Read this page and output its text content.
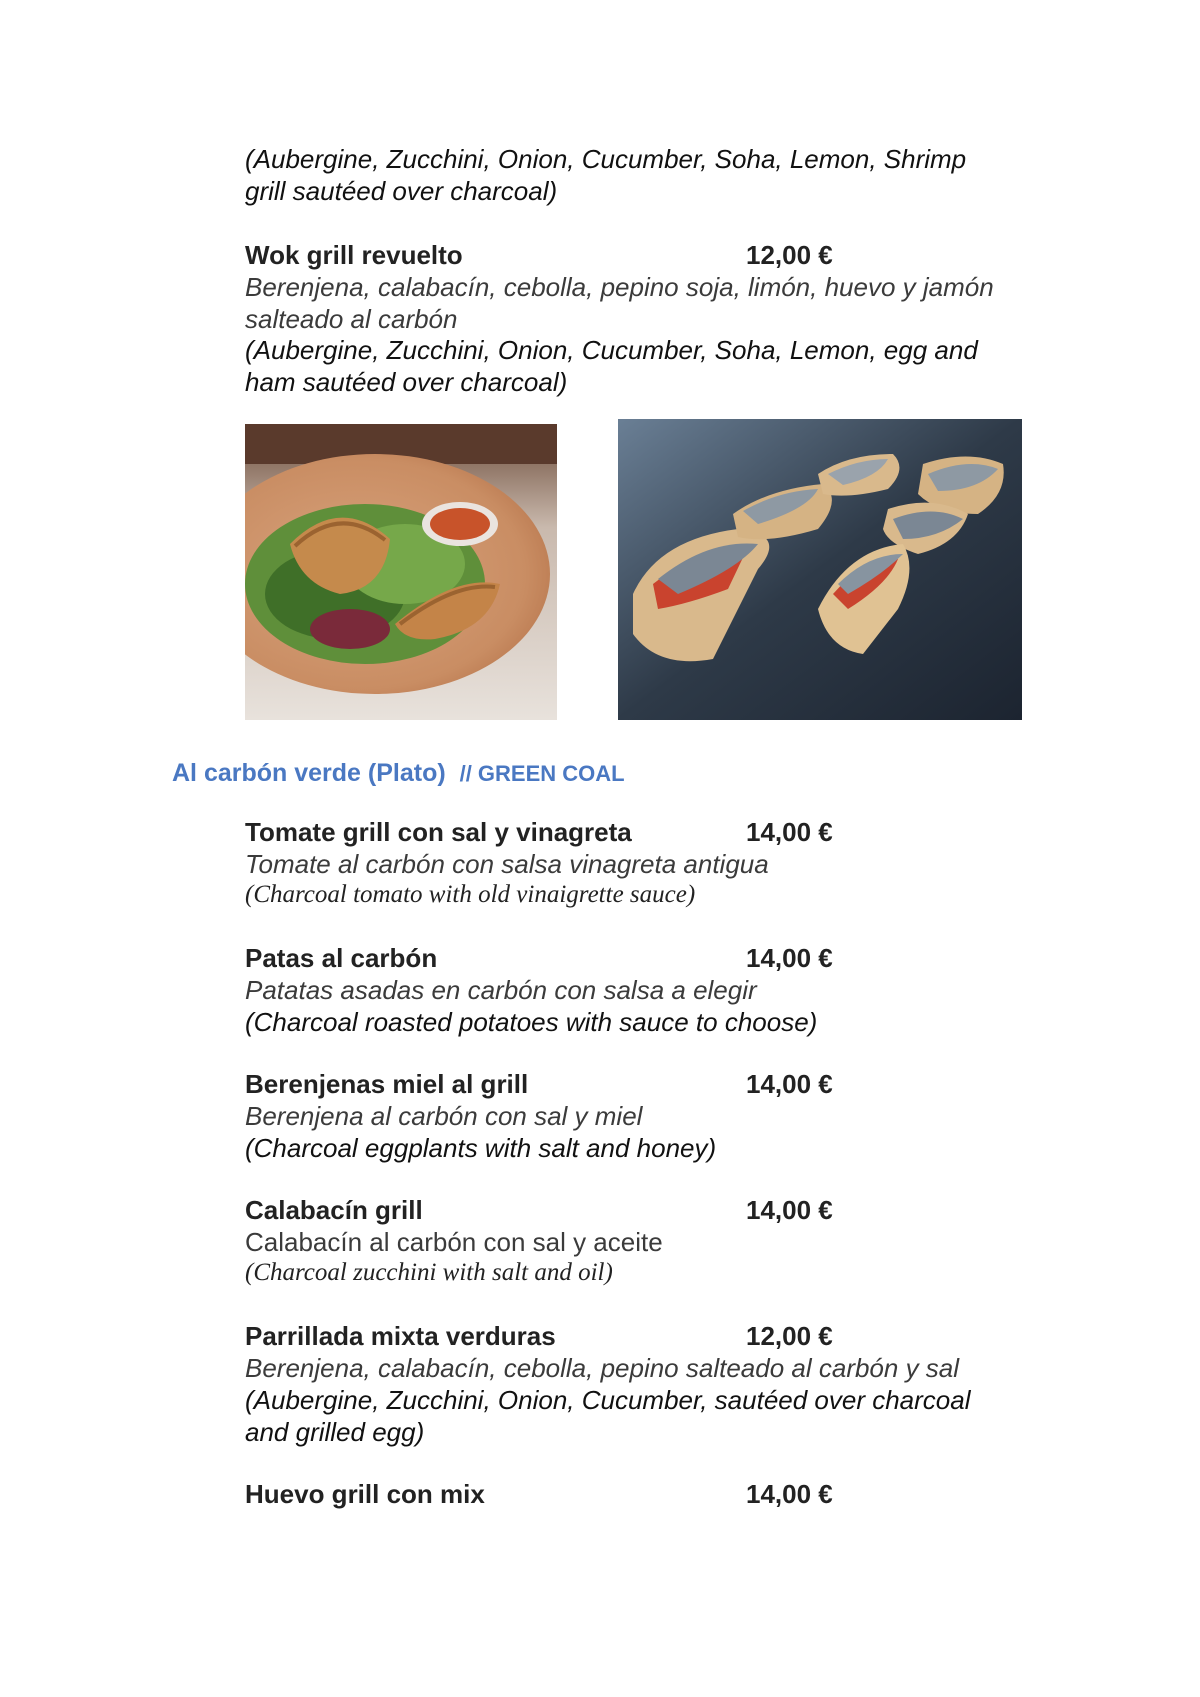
(Aubergine, Zucchini, Onion, Cucumber, Soha, Lemon, Shrimp
grill sautéed over charcoal)
Wok grill revuelto	12,00 €
Berenjena, calabacín, cebolla, pepino soja, limón, huevo y jamón
salteado al carbón
(Aubergine, Zucchini, Onion, Cucumber, Soha, Lemon, egg and
ham sautéed over charcoal)
Al carbón verde (Plato) // GREEN COAL
Tomate grill con sal y vinagreta	14,00 €
Tomate al carbón con salsa vinagreta antigua
(Charcoal tomato with old vinaigrette sauce)
Patas al carbón	14,00 €
Patatas asadas en carbón con salsa a elegir
(Charcoal roasted potatoes with sauce to choose)
Berenjenas miel al grill	14,00 €
Berenjena al carbón con sal y miel
(Charcoal eggplants with salt and honey)
Calabacín grill	14,00 €
Calabacín al carbón con sal y aceite
(Charcoal zucchini with salt and oil)
Parrillada mixta verduras	12,00 €
Berenjena, calabacín, cebolla, pepino salteado al carbón y sal
(Aubergine, Zucchini, Onion, Cucumber, sautéed over charcoal
and grilled egg)
Huevo grill con mix	14,00 €
